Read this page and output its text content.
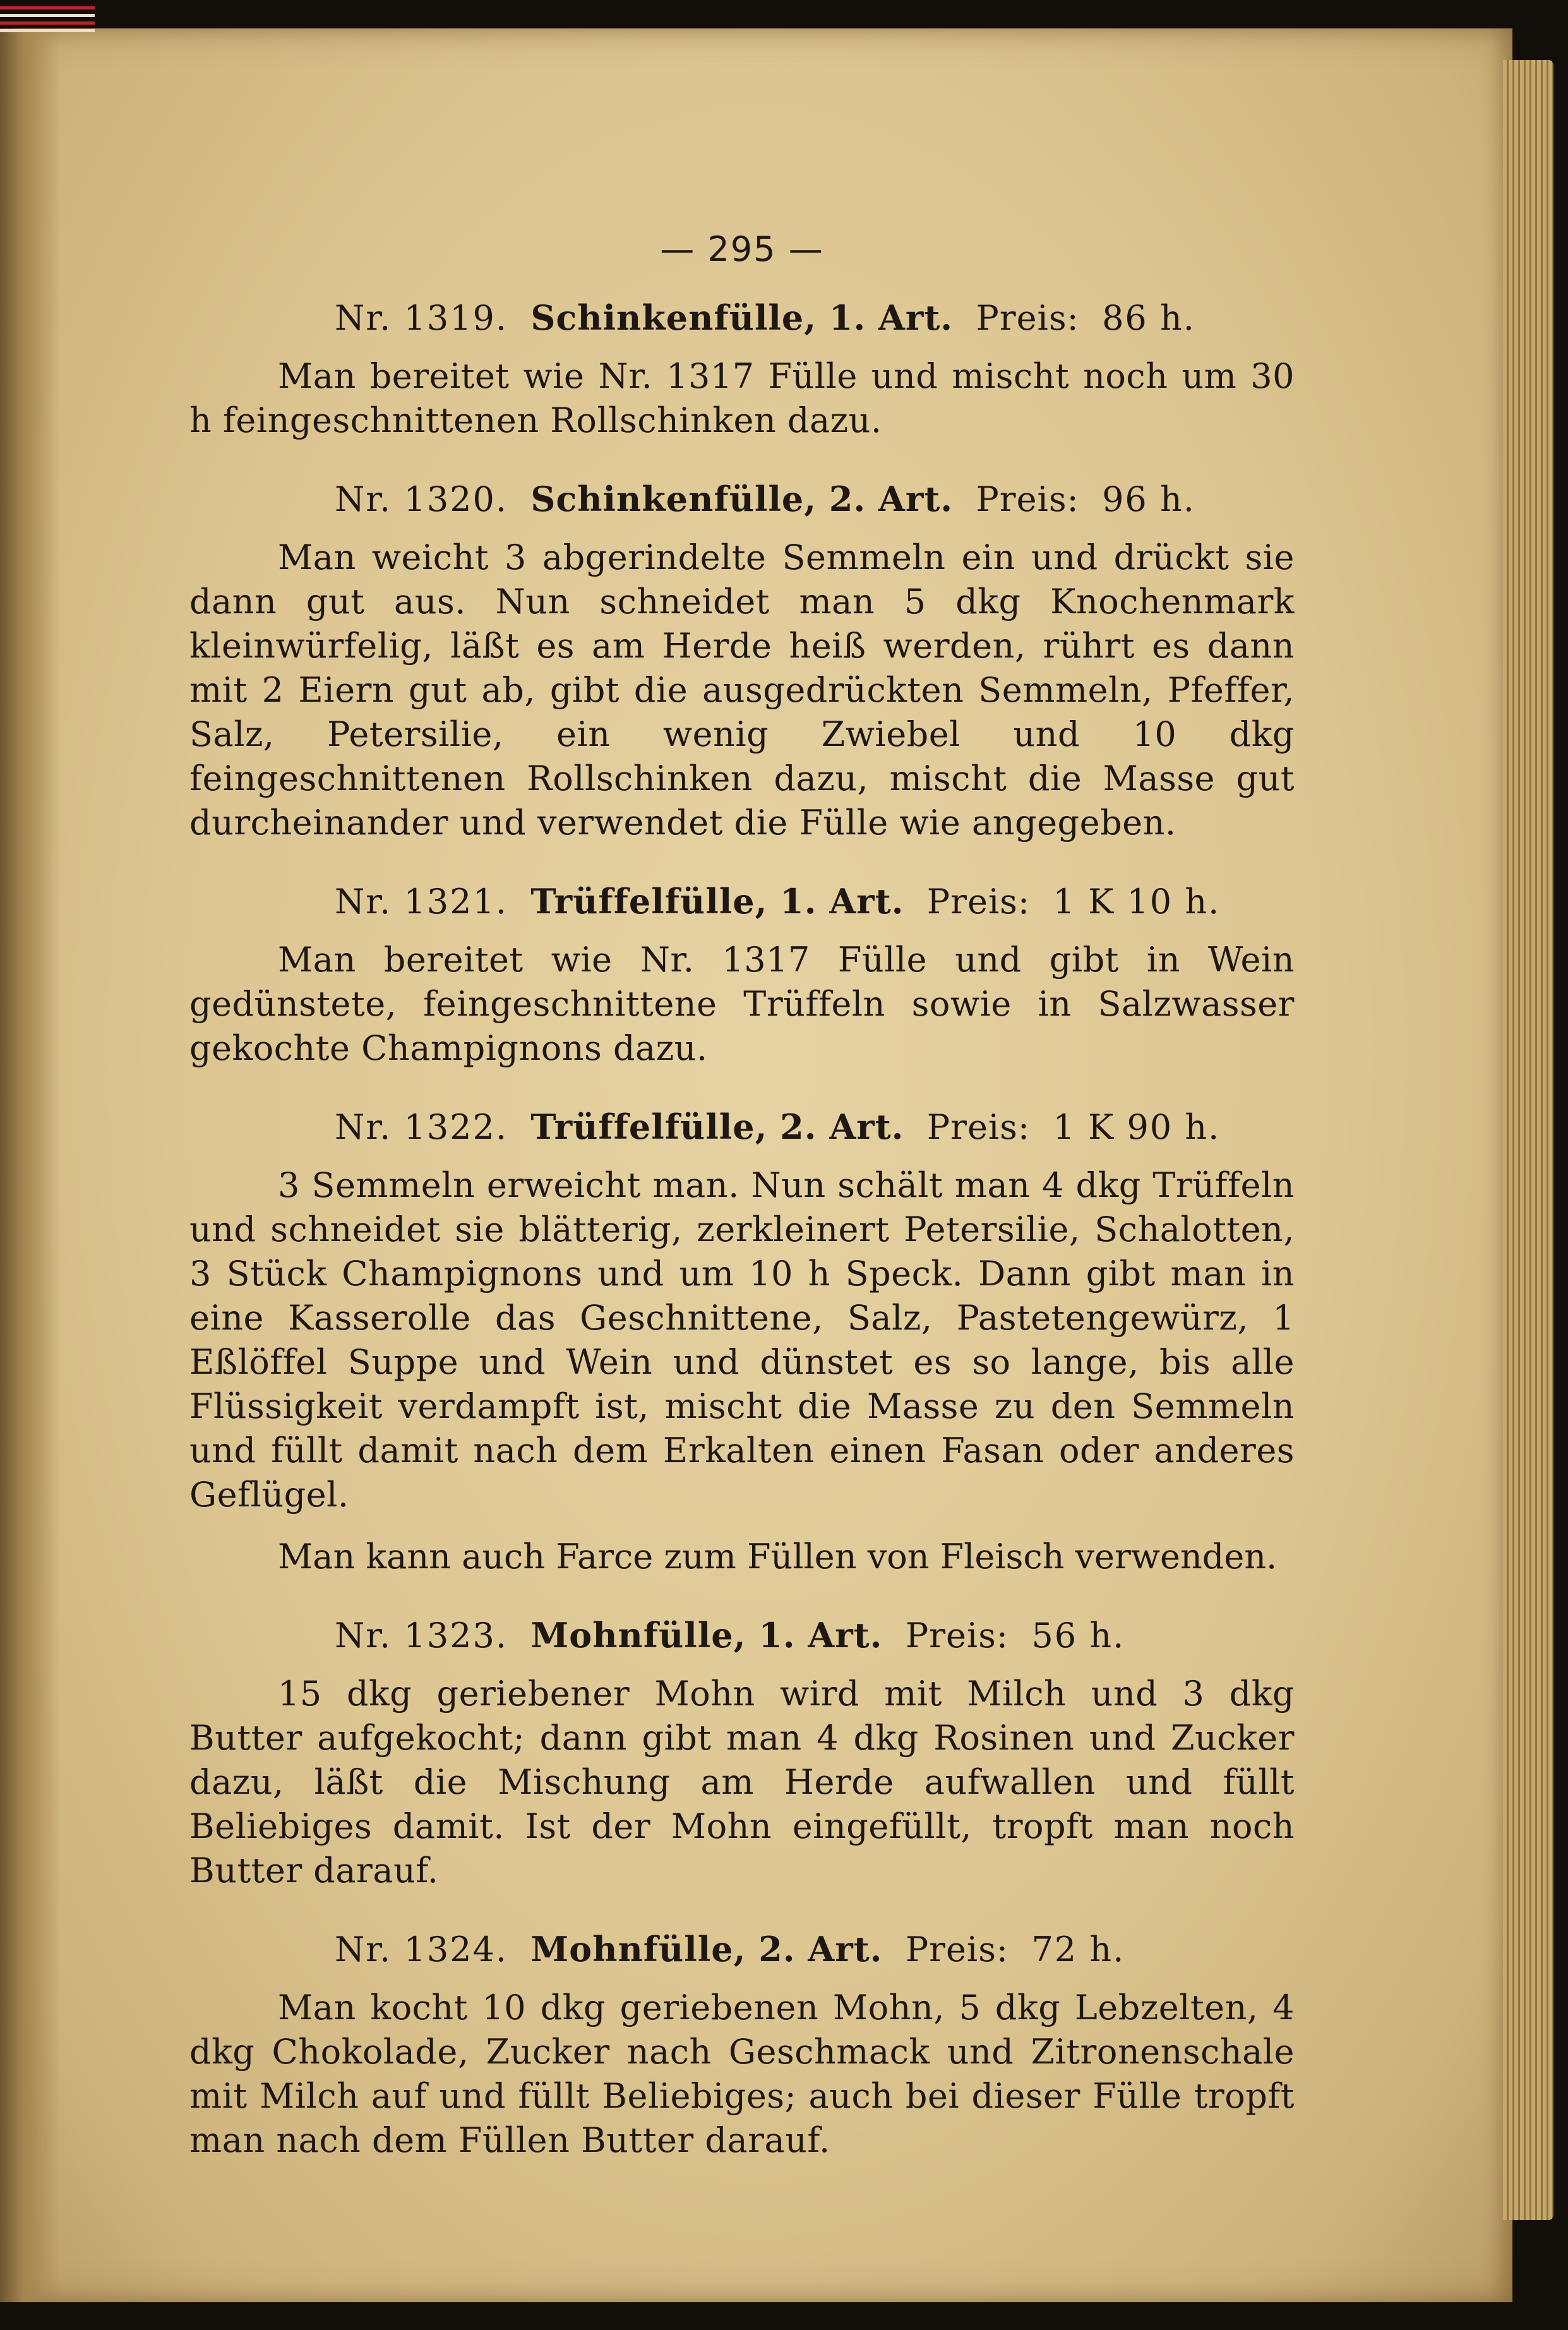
— 295 —
Nr. 1319. Schinkenfülle, 1. Art. Preis: 86 h.
Man bereitet wie Nr. 1317 Fülle und mischt noch um 30 h feingeschnittenen Rollschinken dazu.
Nr. 1320. Schinkenfülle, 2. Art. Preis: 96 h.
Man weicht 3 abgerindelte Semmeln ein und drückt sie dann gut aus. Nun schneidet man 5 dkg Knochenmark kleinwürfelig, läßt es am Herde heiß werden, rührt es dann mit 2 Eiern gut ab, gibt die ausgedrückten Semmeln, Pfeffer, Salz, Petersilie, ein wenig Zwiebel und 10 dkg feingeschnittenen Rollschinken dazu, mischt die Masse gut durcheinander und verwendet die Fülle wie angegeben.
Nr. 1321. Trüffelfülle, 1. Art. Preis: 1 K 10 h.
Man bereitet wie Nr. 1317 Fülle und gibt in Wein gedünstete, feingeschnittene Trüffeln sowie in Salzwasser gekochte Champignons dazu.
Nr. 1322. Trüffelfülle, 2. Art. Preis: 1 K 90 h.
3 Semmeln erweicht man. Nun schält man 4 dkg Trüffeln und schneidet sie blätterig, zerkleinert Petersilie, Schalotten, 3 Stück Champignons und um 10 h Speck. Dann gibt man in eine Kasserolle das Geschnittene, Salz, Pastetengewürz, 1 Eßlöffel Suppe und Wein und dünstet es so lange, bis alle Flüssigkeit verdampft ist, mischt die Masse zu den Semmeln und füllt damit nach dem Erkalten einen Fasan oder anderes Geflügel.
Man kann auch Farce zum Füllen von Fleisch verwenden.
Nr. 1323. Mohnfülle, 1. Art. Preis: 56 h.
15 dkg geriebener Mohn wird mit Milch und 3 dkg Butter aufgekocht; dann gibt man 4 dkg Rosinen und Zucker dazu, läßt die Mischung am Herde aufwallen und füllt Beliebiges damit. Ist der Mohn eingefüllt, tropft man noch Butter darauf.
Nr. 1324. Mohnfülle, 2. Art. Preis: 72 h.
Man kocht 10 dkg geriebenen Mohn, 5 dkg Lebzelten, 4 dkg Chokolade, Zucker nach Geschmack und Zitronenschale mit Milch auf und füllt Beliebiges; auch bei dieser Fülle tropft man nach dem Füllen Butter darauf.
